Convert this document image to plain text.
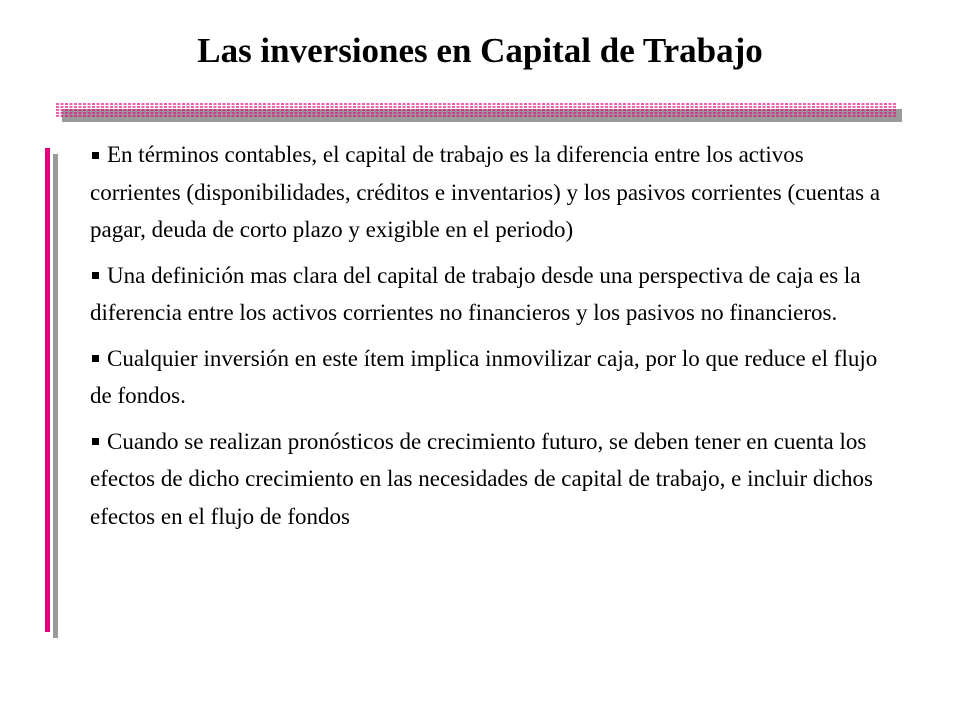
Las inversiones en Capital de Trabajo

En términos contables, el capital de trabajo es la diferencia entre los activos corrientes (disponibilidades, créditos e inventarios) y los pasivos corrientes (cuentas a pagar, deuda de corto plazo y exigible en el periodo)

Una definición mas clara del capital de trabajo desde una perspectiva de caja es la diferencia entre los activos corrientes no financieros y los pasivos no financieros.

Cualquier inversión en este ítem implica inmovilizar caja, por lo que reduce el flujo de fondos.

Cuando se realizan pronósticos de crecimiento futuro, se deben tener en cuenta los efectos de dicho crecimiento en las necesidades de capital de trabajo, e incluir dichos efectos en el flujo de fondos
